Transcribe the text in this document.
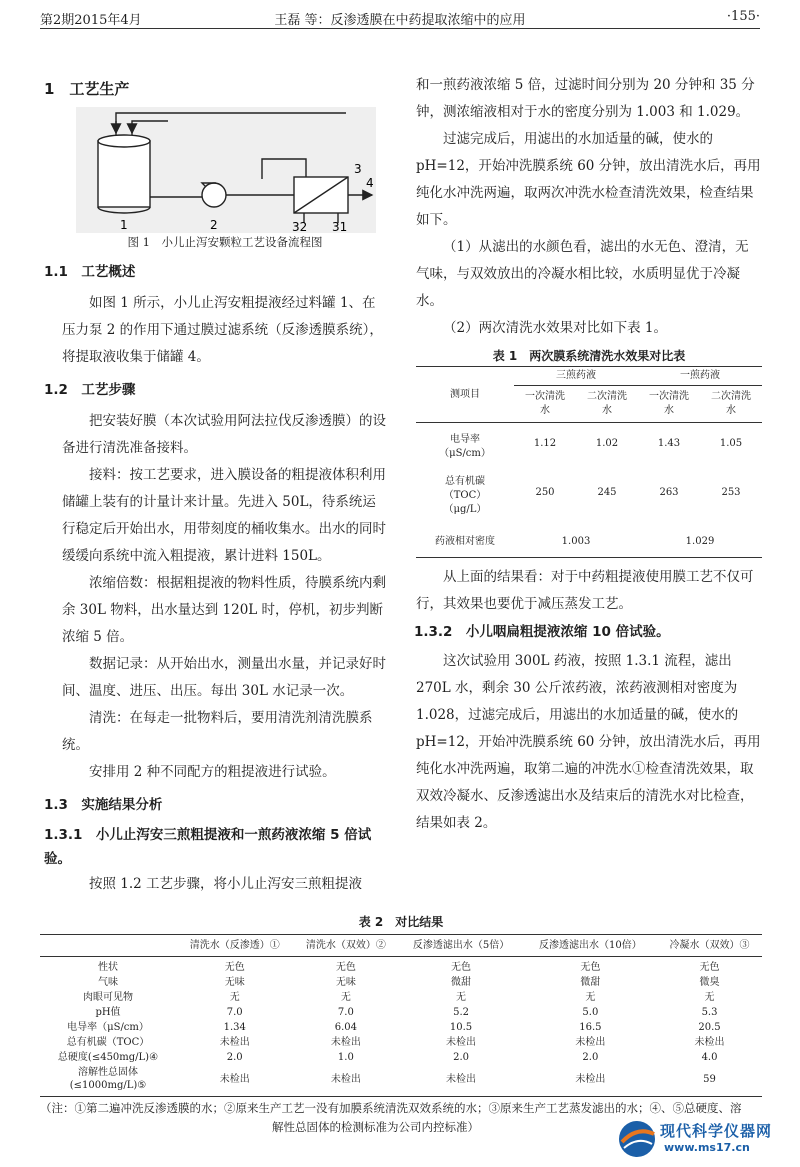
第2期2015年4月	王磊 等：反渗透膜在中药提取浓缩中的应用	·155·
1　工艺生产
1	2
3
4
32 31
图 1　小儿止泻安颗粒工艺设备流程图
1.1　工艺概述

如图 1 所示，小儿止泻安粗提液经过料罐 1、在压力泵 2 的作用下通过膜过滤系统（反渗透膜系统），将提取液收集于储罐 4。

1.2　工艺步骤

把安装好膜（本次试验用阿法拉伐反渗透膜）的设备进行清洗准备接料。

接料：按工艺要求，进入膜设备的粗提液体积利用储罐上装有的计量计来计量。先进入 50L，待系统运行稳定后开始出水，用带刻度的桶收集水。出水的同时缓缓向系统中流入粗提液，累计进料 150L。

浓缩倍数：根据粗提液的物料性质，待膜系统内剩余 30L 物料，出水量达到 120L 时，停机，初步判断浓缩 5 倍。

数据记录：从开始出水，测量出水量，并记录好时间、温度、进压、出压。每出 30L 水记录一次。

清洗：在每走一批物料后，要用清洗剂清洗膜系统。

安排用 2 种不同配方的粗提液进行试验。

1.3　实施结果分析
1.3.1　小儿止泻安三煎粗提液和一煎药液浓缩 5 倍试验。

按照 1.2 工艺步骤，将小儿止泻安三煎粗提液

和一煎药液浓缩 5 倍，过滤时间分别为 20 分钟和 35 分钟，测浓缩液相对于水的密度分别为 1.003 和 1.029。

过滤完成后，用滤出的水加适量的碱，使水的 pH=12，开始冲洗膜系统 60 分钟，放出清洗水后，再用纯化水冲洗两遍，取两次冲洗水检查清洗效果，检查结果如下。

（1）从滤出的水颜色看，滤出的水无色、澄清，无气味，与双效放出的冷凝水相比较，水质明显优于冷凝水。

（2）两次清洗水效果对比如下表 1。

表 1　两次膜系统清洗水效果对比表
测项目	三煎药液		一煎药液	
	一次清洗水	二次清洗水	一次清洗水	二次清洗水
电导率（μS/cm）	1.12	1.02	1.43	1.05
总有机碳（TOC）（μg/L）	250	245	263	253
药液相对密度	1.003		1.029	

从上面的结果看：对于中药粗提液使用膜工艺不仅可行，其效果也要优于减压蒸发工艺。

1.3.2　小儿咽扁粗提液浓缩 10 倍试验。

这次试验用 300L 药液，按照 1.3.1 流程，滤出 270L 水，剩余 30 公斤浓药液，浓药液测相对密度为 1.028，过滤完成后，用滤出的水加适量的碱，使水的 pH=12，开始冲洗膜系统 60 分钟，放出清洗水后，再用纯化水冲洗两遍，取第二遍的冲洗水①检查清洗效果，取双效冷凝水、反渗透滤出水及结束后的清洗水对比检查，结果如表 2。

表 2　对比结果
	清洗水（反渗透）①	清洗水（双效）②	反渗透滤出水（5倍）	反渗透滤出水（10倍）	冷凝水（双效）③
性状	无色	无色	无色	无色	无色
气味	无味	无味	微甜	微甜	微臭
肉眼可见物	无	无	无	无	无
pH值	7.0	7.0	5.2	5.0	5.3
电导率（μS/cm）	1.34	6.04	10.5	16.5	20.5
总有机碳（TOC）	未检出	未检出	未检出	未检出	未检出
总硬度(≤450mg/L)④	2.0	1.0	2.0	2.0	4.0
溶解性总固体(≤1000mg/L)⑤	未检出	未检出	未检出	未检出	59
（注：①第二遍冲洗反渗透膜的水；②原来生产工艺一没有加膜系统清洗双效系统的水；③原来生产工艺蒸发滤出的水；④、⑤总硬度、溶
解性总固体的检测标准为公司内控标准）	现代科学仪器网
www.ms17.cn
